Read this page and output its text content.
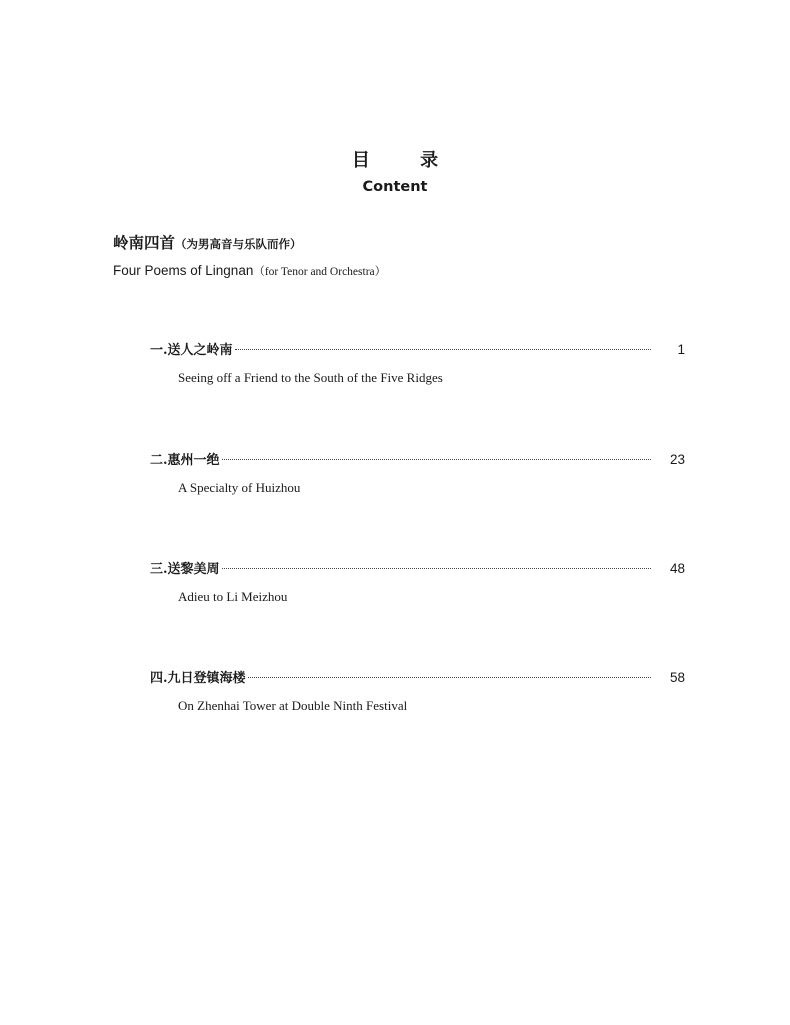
目 录
Content
岭南四首（为男高音与乐队而作）
Four Poems of Lingnan（for Tenor and Orchestra）
一. 送人之岭南	1
Seeing off a Friend to the South of the Five Ridges
二. 惠州一绝	23
A Specialty of Huizhou
三. 送黎美周	48
Adieu to Li Meizhou
四. 九日登镇海楼	58
On Zhenhai Tower at Double Ninth Festival
